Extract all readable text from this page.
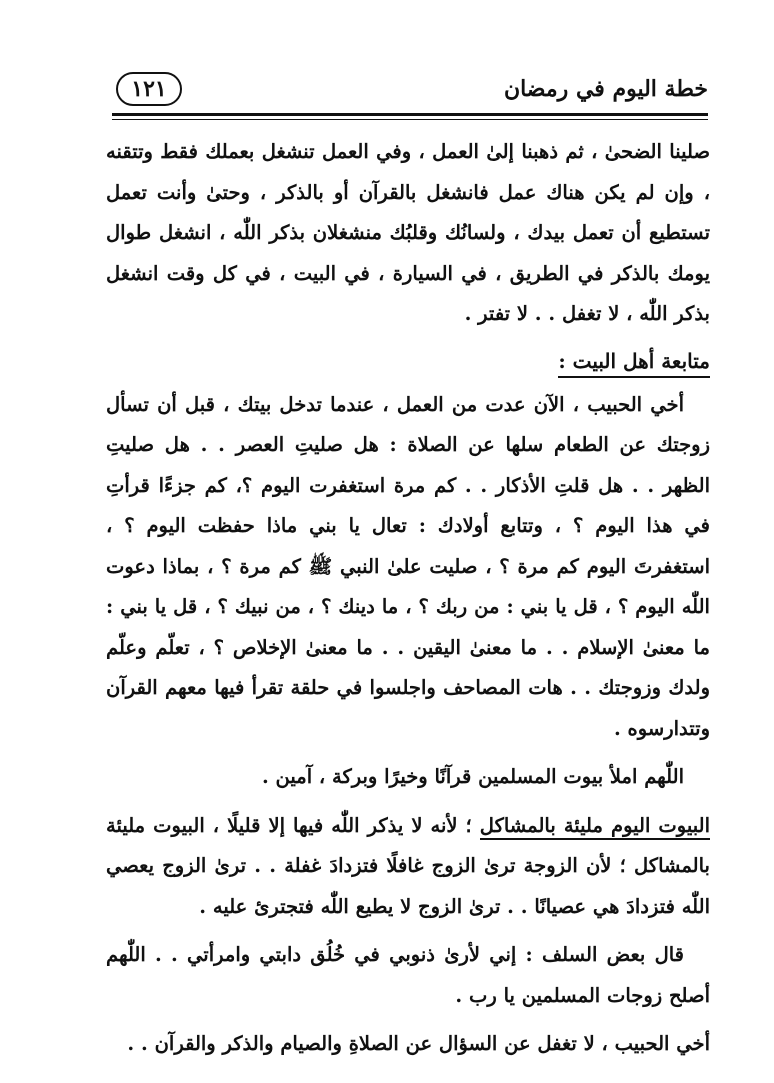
خطة اليوم في رمضان
١٢١

صلينا الضحىٰ ، ثم ذهبنا إلىٰ العمل ، وفي العمل تنشغل بعملك فقط وتتقنه ، وإن لم يكن هناك عمل فانشغل بالقرآن أو بالذكر ، وحتىٰ وأنت تعمل تستطيع أن تعمل بيدك ، ولسانُك وقلبُك منشغلان بذكر اللّٰه ، انشغل طوال يومك بالذكر في الطريق ، في السيارة ، في البيت ، في كل وقت انشغل بذكر اللّٰه ، لا تغفل . . لا تفتر .

متابعة أهل البيت :

أخي الحبيب ، الآن عدت من العمل ، عندما تدخل بيتك ، قبل أن تسأل زوجتك عن الطعام سلها عن الصلاة : هل صليتِ العصر . . هل صليتِ الظهر . . هل قلتِ الأذكار . . كم مرة استغفرت اليوم ؟، كم جزءًا قرأتِ في هذا اليوم ؟ ، وتتابع أولادك : تعال يا بني ماذا حفظت اليوم ؟ ، استغفرتَ اليوم كم مرة ؟ ، صليت علىٰ النبي ﷺ كم مرة ؟ ، بماذا دعوت اللّٰه اليوم ؟ ، قل يا بني : من ربك ؟ ، ما دينك ؟ ، من نبيك ؟ ، قل يا بني : ما معنىٰ الإسلام . . ما معنىٰ اليقين . . ما معنىٰ الإخلاص ؟ ، تعلّم وعلّم ولدك وزوجتك . . هات المصاحف واجلسوا في حلقة تقرأ فيها معهم القرآن وتتدارسوه .

اللّٰهم املأ بيوت المسلمين قرآنًا وخيرًا وبركة ، آمين .

البيوت اليوم مليئة بالمشاكل ؛ لأنه لا يذكر اللّٰه فيها إلا قليلًا ، البيوت مليئة بالمشاكل ؛ لأن الزوجة ترىٰ الزوج غافلًا فتزدادَ غفلة . . ترىٰ الزوج يعصي اللّٰه فتزدادَ هي عصيانًا . . ترىٰ الزوج لا يطيع اللّٰه فتجترئ عليه .

قال بعض السلف : إني لأرىٰ ذنوبي في خُلُق دابتي وامرأتي . . اللّٰهم أصلح زوجات المسلمين يا رب .

أخي الحبيب ، لا تغفل عن السؤال عن الصلاةِ والصيام والذكر والقرآن . .
